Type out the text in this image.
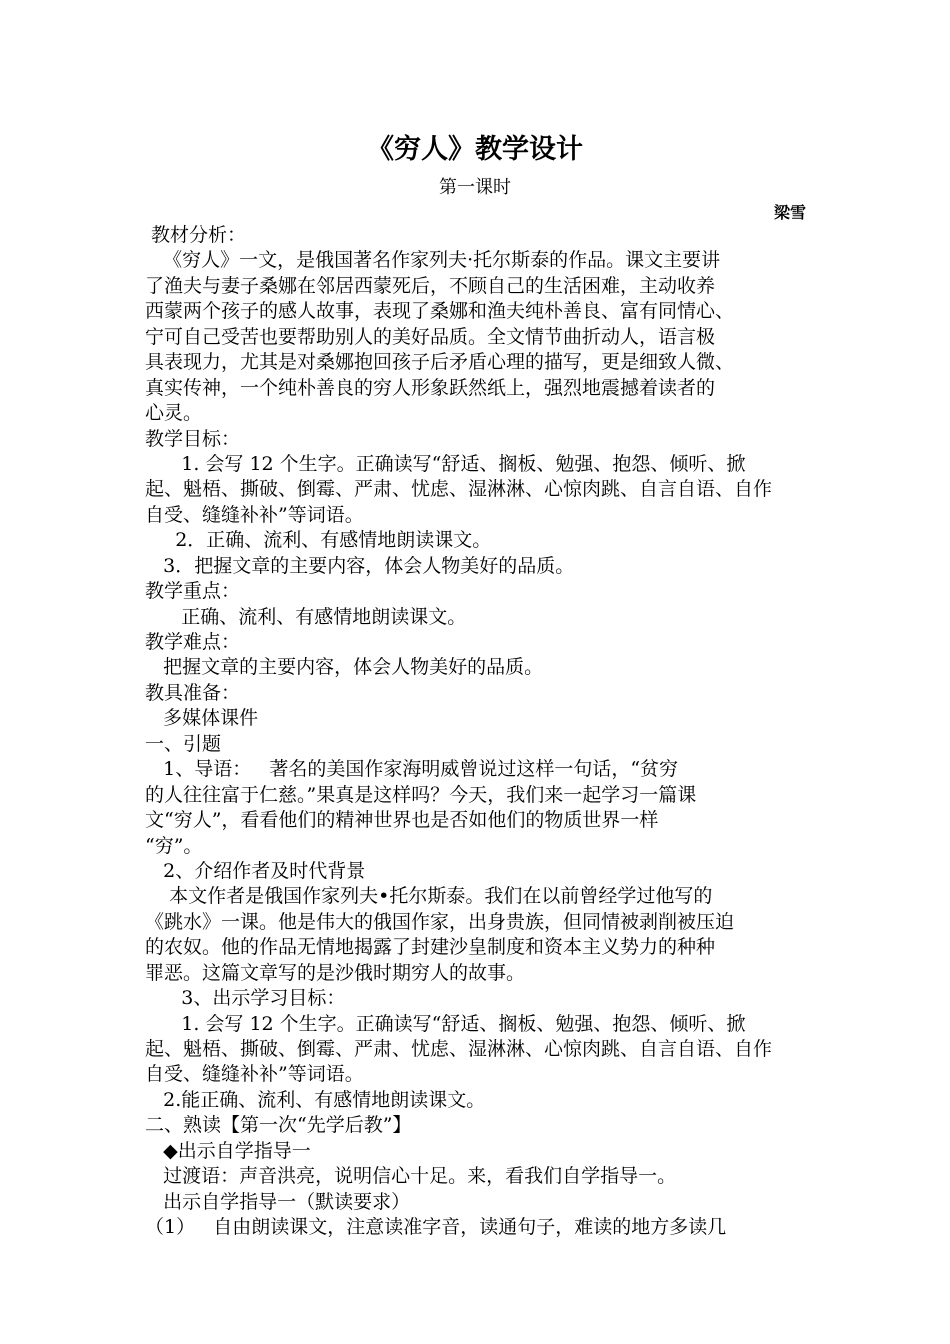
《穷人》教学设计
第一课时
梁雪
教材分析：
《穷人》一文，是俄国著名作家列夫·托尔斯泰的作品。课文主要讲
了渔夫与妻子桑娜在邻居西蒙死后，不顾自己的生活困难，主动收养
西蒙两个孩子的感人故事，表现了桑娜和渔夫纯朴善良、富有同情心、
宁可自己受苦也要帮助别人的美好品质。全文情节曲折动人，语言极
具表现力，尤其是对桑娜抱回孩子后矛盾心理的描写，更是细致人微、
真实传神，一个纯朴善良的穷人形象跃然纸上，强烈地震撼着读者的
心灵。
教学目标：
1. 会写 12 个生字。正确读写“舒适、搁板、勉强、抱怨、倾听、掀
起、魁梧、撕破、倒霉、严肃、忧虑、湿淋淋、心惊肉跳、自言自语、自作
自受、缝缝补补”等词语。
2．正确、流利、有感情地朗读课文。
3．把握文章的主要内容，体会人物美好的品质。
教学重点：
正确、流利、有感情地朗读课文。
教学难点：
把握文章的主要内容，体会人物美好的品质。
教具准备：
多媒体课件
一、引题
1、导语：   著名的美国作家海明威曾说过这样一句话，“贫穷
的人往往富于仁慈。”果真是这样吗？今天，我们来一起学习一篇课
文“穷人”，看看他们的精神世界也是否如他们的物质世界一样
“穷”。
2、介绍作者及时代背景
本文作者是俄国作家列夫•托尔斯泰。我们在以前曾经学过他写的
《跳水》一课。他是伟大的俄国作家，出身贵族，但同情被剥削被压迫
的农奴。他的作品无情地揭露了封建沙皇制度和资本主义势力的种种
罪恶。这篇文章写的是沙俄时期穷人的故事。
3、出示学习目标：
1. 会写 12 个生字。正确读写“舒适、搁板、勉强、抱怨、倾听、掀
起、魁梧、撕破、倒霉、严肃、忧虑、湿淋淋、心惊肉跳、自言自语、自作
自受、缝缝补补”等词语。
2.能正确、流利、有感情地朗读课文。
二、熟读【第一次“先学后教”】
◆出示自学指导一
过渡语：声音洪亮，说明信心十足。来，看我们自学指导一。
出示自学指导一（默读要求）
（1）   自由朗读课文，注意读准字音，读通句子，难读的地方多读几
